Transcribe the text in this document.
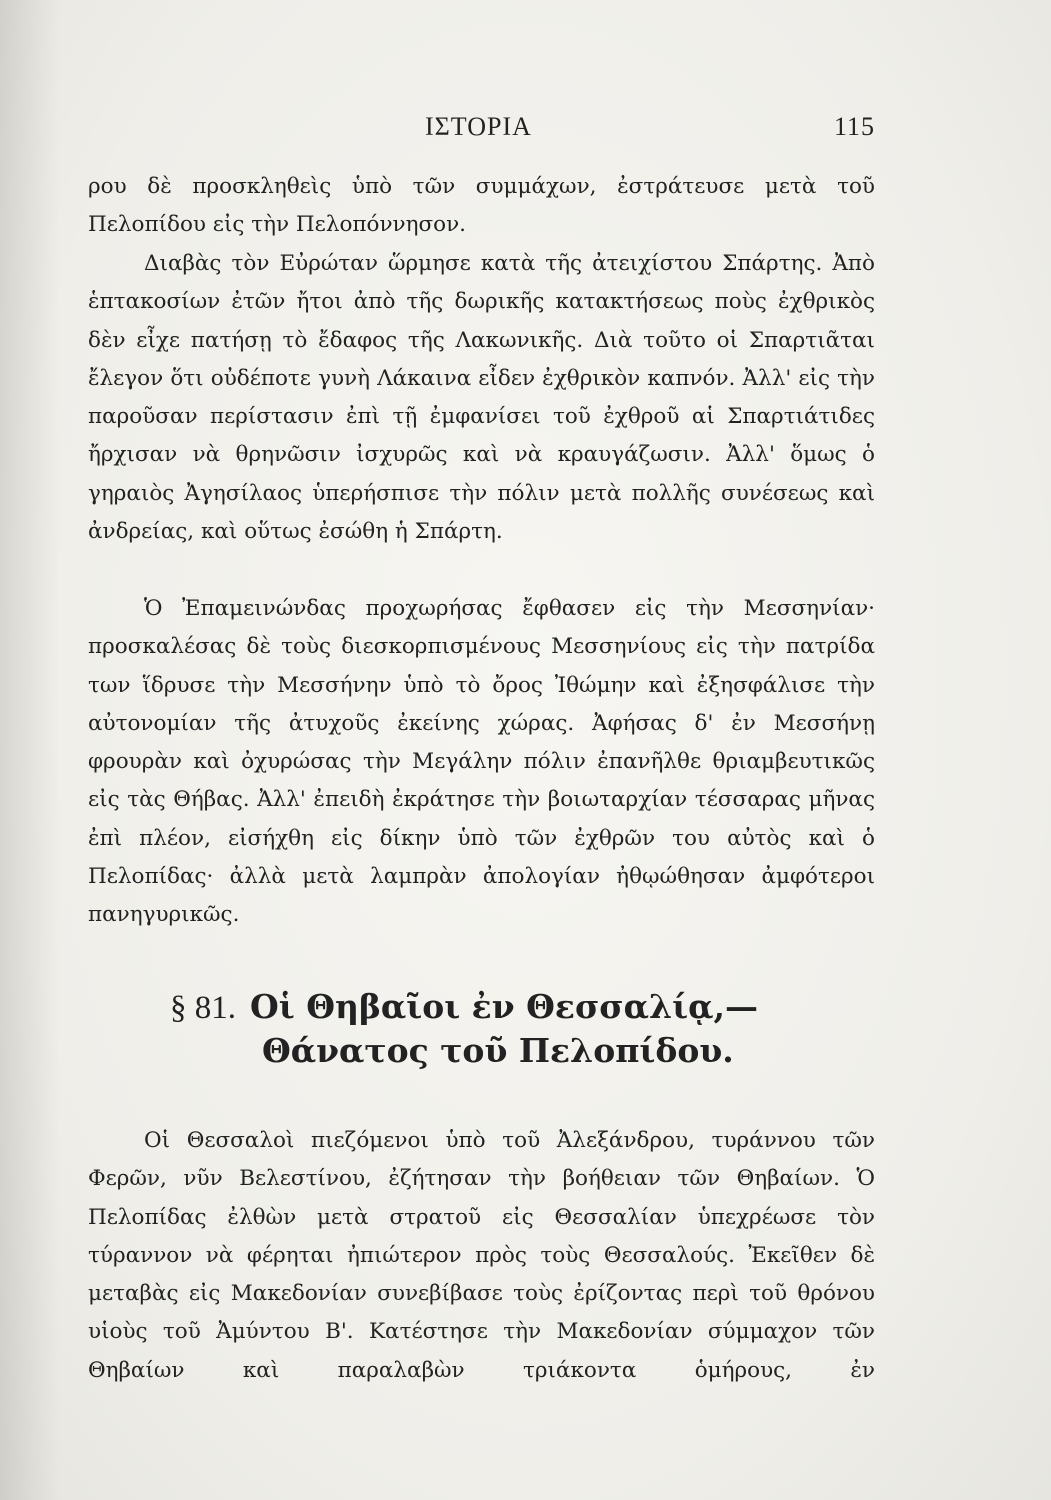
ΙΣΤΟΡΙΑ	115

ρου δὲ προσκληθεὶς ὑπὸ τῶν συμμάχων, ἐστράτευσε μετὰ τοῦ Πελοπίδου εἰς τὴν Πελοπόννησον.

Διαβὰς τὸν Εὐρώταν ὥρμησε κατὰ τῆς ἀτειχίστου Σπάρτης. Ἀπὸ ἑπτακοσίων ἐτῶν ἤτοι ἀπὸ τῆς δωρικῆς κατακτήσεως ποὺς ἐχθρικὸς δὲν εἶχε πατήσῃ τὸ ἔδαφος τῆς Λακωνικῆς. Διὰ τοῦτο οἱ Σπαρτιᾶται ἔλεγον ὅτι οὐδέποτε γυνὴ Λάκαινα εἶδεν ἐχθρικὸν καπνόν. Ἀλλ' εἰς τὴν παροῦσαν περίστασιν ἐπὶ τῇ ἐμφανίσει τοῦ ἐχθροῦ αἱ Σπαρτιάτιδες ἤρχισαν νὰ θρηνῶσιν ἰσχυρῶς καὶ νὰ κραυγάζωσιν. Ἀλλ' ὅμως ὁ γηραιὸς Ἀγησίλαος ὑπερήσπισε τὴν πόλιν μετὰ πολλῆς συνέσεως καὶ ἀνδρείας, καὶ οὕτως ἐσώθη ἡ Σπάρτη.

Ὁ Ἐπαμεινώνδας προχωρήσας ἔφθασεν εἰς τὴν Μεσσηνίαν· προσκαλέσας δὲ τοὺς διεσκορπισμένους Μεσσηνίους εἰς τὴν πατρίδα των ἵδρυσε τὴν Μεσσήνην ὑπὸ τὸ ὄρος Ἰθώμην καὶ ἐξησφάλισε τὴν αὐτονομίαν τῆς ἀτυχοῦς ἐκείνης χώρας. Ἀφήσας δ' ἐν Μεσσήνῃ φρουρὰν καὶ ὀχυρώσας τὴν Μεγάλην πόλιν ἐπανῆλθε θριαμβευτικῶς εἰς τὰς Θήβας. Ἀλλ' ἐπειδὴ ἐκράτησε τὴν βοιωταρχίαν τέσσαρας μῆνας ἐπὶ πλέον, εἰσήχθη εἰς δίκην ὑπὸ τῶν ἐχθρῶν του αὐτὸς καὶ ὁ Πελοπίδας· ἀλλὰ μετὰ λαμπρὰν ἀπολογίαν ἠθῳώθησαν ἀμφότεροι πανηγυρικῶς.

§ 81. Οἱ Θηβαῖοι ἐν Θεσσαλίᾳ,—
Θάνατος τοῦ Πελοπίδου.

Οἱ Θεσσαλοὶ πιεζόμενοι ὑπὸ τοῦ Ἀλεξάνδρου, τυράννου τῶν Φερῶν, νῦν Βελεστίνου, ἐζήτησαν τὴν βοήθειαν τῶν Θηβαίων. Ὁ Πελοπίδας ἐλθὼν μετὰ στρατοῦ εἰς Θεσσαλίαν ὑπεχρέωσε τὸν τύραννον νὰ φέρηται ἠπιώτερον πρὸς τοὺς Θεσσαλούς. Ἐκεῖθεν δὲ μεταβὰς εἰς Μακεδονίαν συνεβίβασε τοὺς ἐρίζοντας περὶ τοῦ θρόνου υἱοὺς τοῦ Ἀμύντου Β'. Κατέστησε τὴν Μακεδονίαν σύμμαχον τῶν Θηβαίων καὶ παραλαβὼν τριάκοντα ὁμήρους, ἐν
